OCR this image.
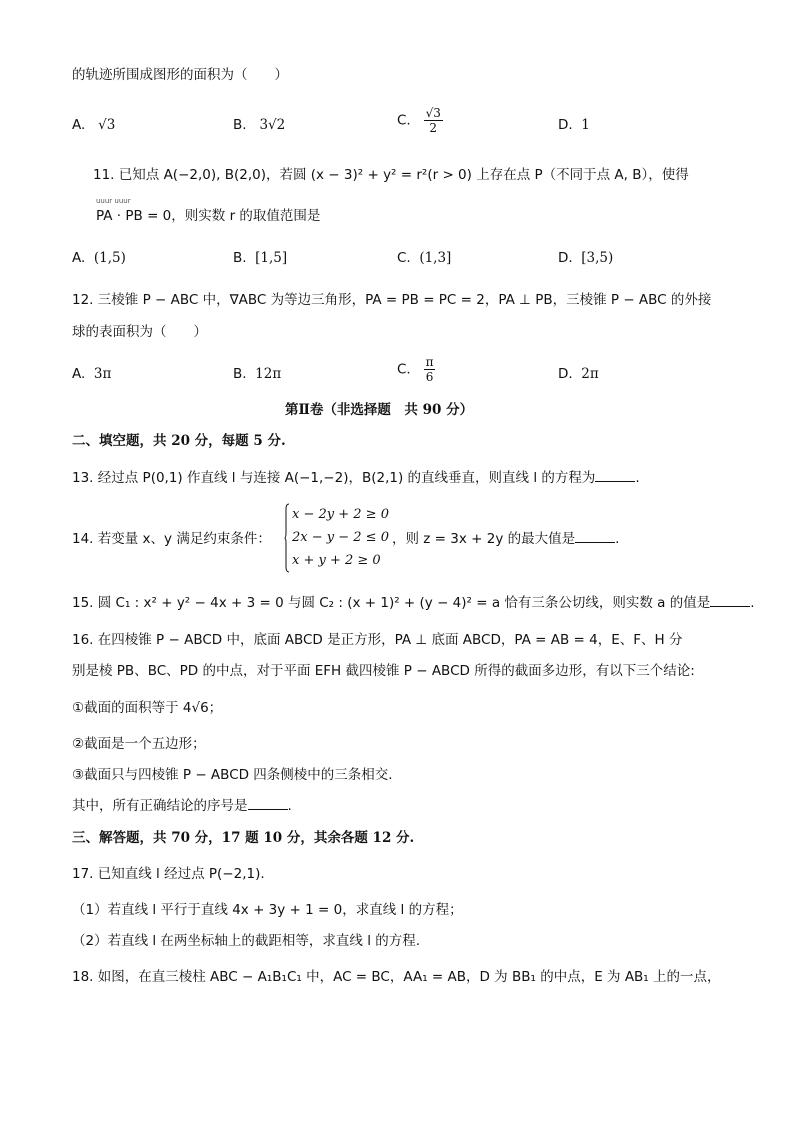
的轨迹所围成图形的面积为（　　）
A. √3	B. 3√2	C. $\frac{√3}{2}$	D. 1
11. 已知点 A(−2,0), B(2,0)，若圆 (x − 3)² + y² = r²(r > 0) 上存在点 P（不同于点 A, B），使得
uuur uuur
PA · PB = 0，则实数 r 的取值范围是
A. (1,5)	B. [1,5]	C. (1,3]	D. [3,5)
12. 三棱锥 P − ABC 中，∇ABC 为等边三角形，PA = PB = PC = 2，PA ⊥ PB，三棱锥 P − ABC 的外接
球的表面积为（　　）
A. 3π	B. 12π	C. $\frac{\pi}{6}$	D. 2π
第Ⅱ卷（非选择题　共 90 分）
二、填空题，共 20 分，每题 5 分.
13. 经过点 P(0,1) 作直线 l 与连接 A(−1,−2)，B(2,1) 的直线垂直，则直线 l 的方程为	.
14. 若变量 x、y 满足约束条件：
x − 2y + 2 ≥ 0
2x − y − 2 ≤ 0
x + y + 2 ≥ 0
，则 z = 3x + 2y 的最大值是	.
15. 圆 C₁ : x² + y² − 4x + 3 = 0 与圆 C₂ : (x + 1)² + (y − 4)² = a 恰有三条公切线，则实数 a 的值是	.
16. 在四棱锥 P − ABCD 中，底面 ABCD 是正方形，PA ⊥ 底面 ABCD，PA = AB = 4，E、F、H 分
别是棱 PB、BC、PD 的中点，对于平面 EFH 截四棱锥 P − ABCD 所得的截面多边形，有以下三个结论:
①截面的面积等于 4√6；
②截面是一个五边形；
③截面只与四棱锥 P − ABCD 四条侧棱中的三条相交.
其中，所有正确结论的序号是	.
三、解答题，共 70 分，17 题 10 分，其余各题 12 分.
17. 已知直线 l 经过点 P(−2,1).
（1）若直线 l 平行于直线 4x + 3y + 1 = 0，求直线 l 的方程；
（2）若直线 l 在两坐标轴上的截距相等，求直线 l 的方程.
18. 如图，在直三棱柱 ABC − A₁B₁C₁ 中，AC = BC，AA₁ = AB，D 为 BB₁ 的中点，E 为 AB₁ 上的一点，
